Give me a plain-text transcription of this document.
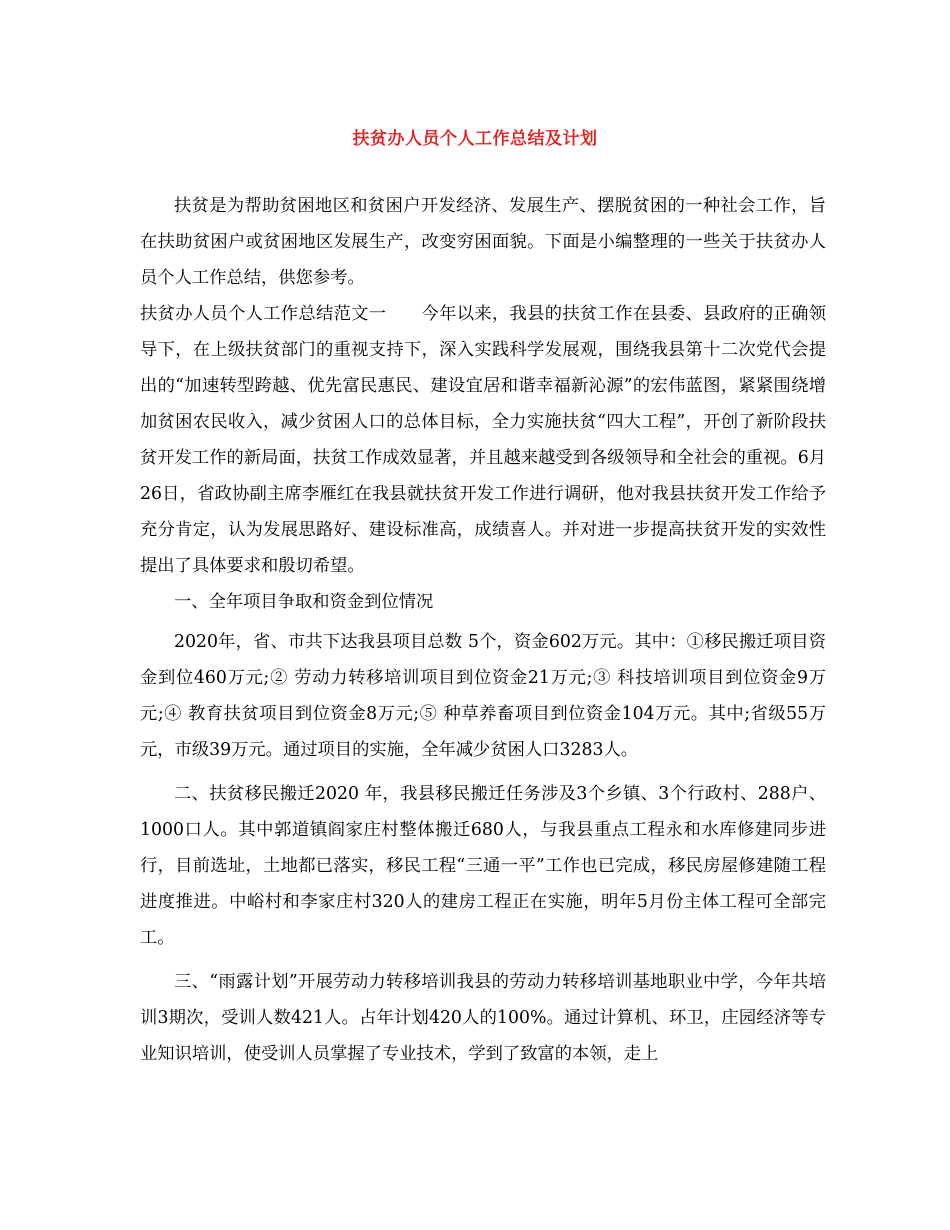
扶贫办人员个人工作总结及计划

扶贫是为帮助贫困地区和贫困户开发经济、发展生产、摆脱贫困的一种社会工作，旨在扶助贫困户或贫困地区发展生产，改变穷困面貌。下面是小编整理的一些关于扶贫办人员个人工作总结，供您参考。

扶贫办人员个人工作总结范文一　　今年以来，我县的扶贫工作在县委、县政府的正确领导下，在上级扶贫部门的重视支持下，深入实践科学发展观，围绕我县第十二次党代会提出的“加速转型跨越、优先富民惠民、建设宜居和谐幸福新沁源”的宏伟蓝图，紧紧围绕增加贫困农民收入，减少贫困人口的总体目标，全力实施扶贫“四大工程”，开创了新阶段扶贫开发工作的新局面，扶贫工作成效显著，并且越来越受到各级领导和全社会的重视。6月26日，省政协副主席李雁红在我县就扶贫开发工作进行调研，他对我县扶贫开发工作给予充分肯定，认为发展思路好、建设标准高，成绩喜人。并对进一步提高扶贫开发的实效性提出了具体要求和殷切希望。

一、全年项目争取和资金到位情况

2020年，省、市共下达我县项目总数 5个，资金602万元。其中：①移民搬迁项目资金到位460万元;② 劳动力转移培训项目到位资金21万元;③ 科技培训项目到位资金9万元;④ 教育扶贫项目到位资金8万元;⑤ 种草养畜项目到位资金104万元。其中;省级55万元，市级39万元。通过项目的实施，全年减少贫困人口3283人。

二、扶贫移民搬迁2020 年，我县移民搬迁任务涉及3个乡镇、3个行政村、288户、1000口人。其中郭道镇阎家庄村整体搬迁680人，与我县重点工程永和水库修建同步进行，目前选址，土地都已落实，移民工程“三通一平”工作也已完成，移民房屋修建随工程进度推进。中峪村和李家庄村320人的建房工程正在实施，明年5月份主体工程可全部完工。

三、“雨露计划”开展劳动力转移培训我县的劳动力转移培训基地职业中学，今年共培训3期次，受训人数421人。占年计划420人的100%。通过计算机、环卫，庄园经济等专业知识培训，使受训人员掌握了专业技术，学到了致富的本领，走上
